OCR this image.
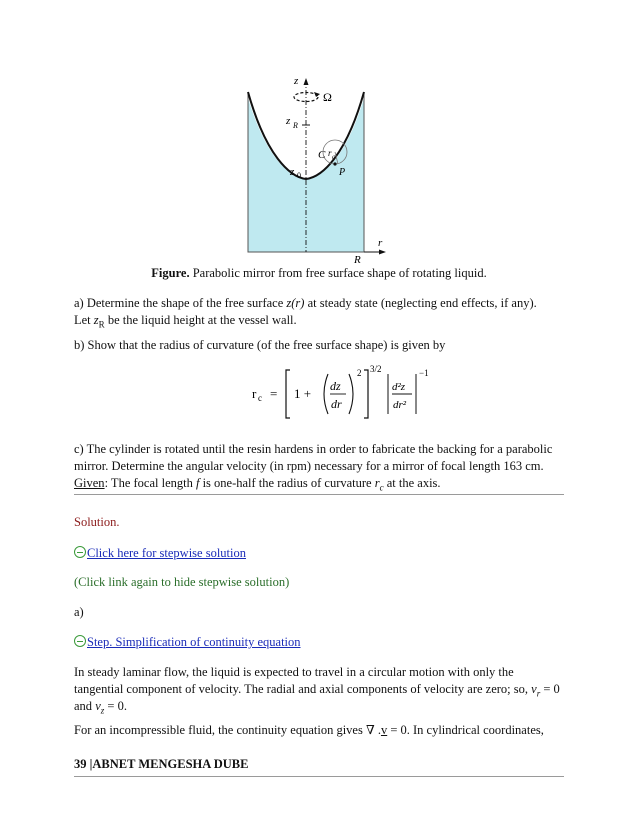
z
Ω
z R
z 0
C r c
P
R
r
Figure. Parabolic mirror from free surface shape of rotating liquid.

a) Determine the shape of the free surface z(r) at steady state (neglecting end effects, if any).
Let $z_R$ be the liquid height at the vessel wall.

b) Show that the radius of curvature (of the free surface shape) is given by

r c = 1 + dz
dr
2 3/2
d²z
dr²
−1

c) The cylinder is rotated until the resin hardens in order to fabricate the backing for a parabolic
mirror. Determine the angular velocity (in rpm) necessary for a mirror of focal length 163 cm.
Given: The focal length f is one-half the radius of curvature $r_c$ at the axis.

Solution.

Click here for stepwise solution

(Click link again to hide stepwise solution)

a)

Step. Simplification of continuity equation

In steady laminar flow, the liquid is expected to travel in a circular motion with only the
tangential component of velocity. The radial and axial components of velocity are zero; so, $v_r = 0$
and $v_z = 0$.

For an incompressible fluid, the continuity equation gives ∇ .v = 0. In cylindrical coordinates,

39 |ABNET MENGESHA DUBE
